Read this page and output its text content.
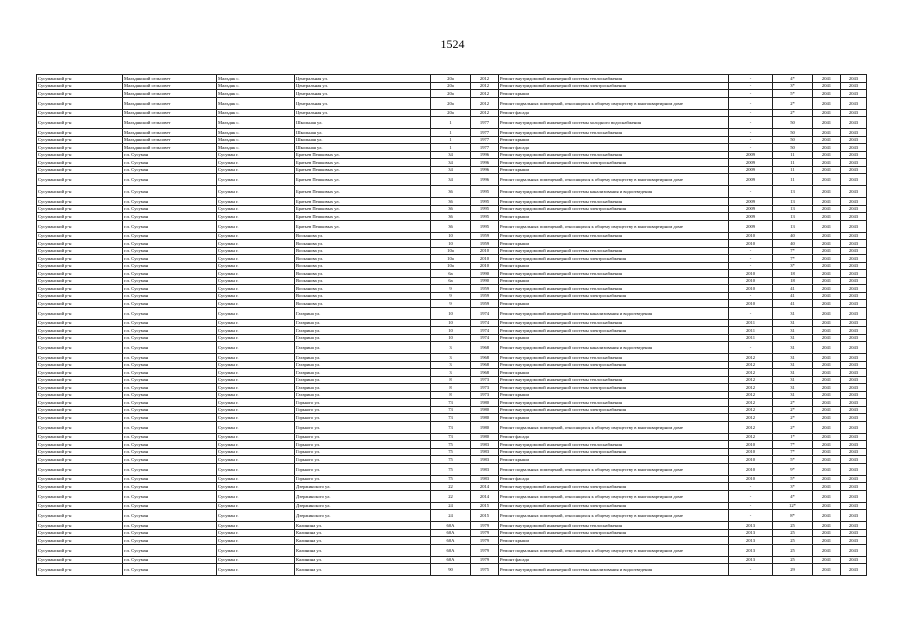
1524
Сусуманский р-н	Мальдякский сельсовет	Мальдяк с.	Центральная ул.	20а	2012	Ремонт внутридомовой инженерной системы теплоснабжения	-	4*	2041	2043
Сусуманский р-н	Мальдякский сельсовет	Мальдяк с.	Центральная ул.	20а	2012	Ремонт внутридомовой инженерной системы электроснабжения	-	3*	2041	2043
Сусуманский р-н	Мальдякский сельсовет	Мальдяк с.	Центральная ул.	20а	2012	Ремонт крыши	-	5*	2041	2043
Сусуманский р-н	Мальдякский сельсовет	Мальдяк с.	Центральная ул.	20а	2012	Ремонт подвальных помещений, относящихся к общему имуществу в многоквартирном доме	-	2*	2041	2043
Сусуманский р-н	Мальдякский сельсовет	Мальдяк с.	Центральная ул.	20а	2012	Ремонт фасада	-	2*	2041	2043
Сусуманский р-н	Мальдякский сельсовет	Мальдяк с.	Школьная ул.	1	1977	Ремонт внутридомовой инженерной системы холодного водоснабжения	-	50	2041	2043
Сусуманский р-н	Мальдякский сельсовет	Мальдяк с.	Школьная ул.	1	1977	Ремонт внутридомовой инженерной системы теплоснабжения	-	50	2041	2043
Сусуманский р-н	Мальдякский сельсовет	Мальдяк с.	Школьная ул.	1	1977	Ремонт крыши	-	50	2041	2043
Сусуманский р-н	Мальдякский сельсовет	Мальдяк с.	Школьная ул.	1	1977	Ремонт фасада	-	50	2041	2043
Сусуманский р-н	г.п. Сусуман	Сусуман г.	Братьев Пешковых ул.	34	1996	Ремонт внутридомовой инженерной системы теплоснабжения	2009	11	2041	2043
Сусуманский р-н	г.п. Сусуман	Сусуман г.	Братьев Пешковых ул.	34	1996	Ремонт внутридомовой инженерной системы электроснабжения	2009	11	2041	2043
Сусуманский р-н	г.п. Сусуман	Сусуман г.	Братьев Пешковых ул.	34	1996	Ремонт крыши	2009	11	2041	2043
Сусуманский р-н	г.п. Сусуман	Сусуман г.	Братьев Пешковых ул.	34	1996	Ремонт подвальных помещений, относящихся к общему имуществу в многоквартирном доме	2009	11	2041	2043
Сусуманский р-н	г.п. Сусуман	Сусуман г.	Братьев Пешковых ул.	36	1995	Ремонт внутридомовой инженерной системы канализования и водоотведения	-	13	2041	2043
Сусуманский р-н	г.п. Сусуман	Сусуман г.	Братьев Пешковых ул.	36	1995	Ремонт внутридомовой инженерной системы теплоснабжения	2009	13	2041	2043
Сусуманский р-н	г.п. Сусуман	Сусуман г.	Братьев Пешковых ул.	36	1995	Ремонт внутридомовой инженерной системы электроснабжения	2009	13	2041	2043
Сусуманский р-н	г.п. Сусуман	Сусуман г.	Братьев Пешковых ул.	36	1995	Ремонт крыши	2009	13	2041	2043
Сусуманский р-н	г.п. Сусуман	Сусуман г.	Братьев Пешковых ул.	36	1995	Ремонт подвальных помещений, относящихся к общему имуществу в многоквартирном доме	2009	13	2041	2043
Сусуманский р-н	г.п. Сусуман	Сусуман г.	Восканова ул.	10	1959	Ремонт внутридомовой инженерной системы теплоснабжения	2010	40	2041	2043
Сусуманский р-н	г.п. Сусуман	Сусуман г.	Восканова ул.	10	1959	Ремонт крыши	2010	40	2041	2043
Сусуманский р-н	г.п. Сусуман	Сусуман г.	Восканова ул.	10а	2010	Ремонт внутридомовой инженерной системы теплоснабжения	-	7*	2041	2043
Сусуманский р-н	г.п. Сусуман	Сусуман г.	Восканова ул.	10а	2010	Ремонт внутридомовой инженерной системы электроснабжения	-	7*	2041	2043
Сусуманский р-н	г.п. Сусуман	Сусуман г.	Восканова ул.	10а	2010	Ремонт крыши	-	3*	2041	2043
Сусуманский р-н	г.п. Сусуман	Сусуман г.	Восканова ул.	6а	1990	Ремонт внутридомовой инженерной системы теплоснабжения	2010	18	2041	2043
Сусуманский р-н	г.п. Сусуман	Сусуман г.	Восканова ул.	6а	1990	Ремонт крыши	2010	18	2041	2043
Сусуманский р-н	г.п. Сусуман	Сусуман г.	Восканова ул.	9	1959	Ремонт внутридомовой инженерной системы теплоснабжения	2010	41	2041	2043
Сусуманский р-н	г.п. Сусуман	Сусуман г.	Восканова ул.	9	1959	Ремонт внутридомовой инженерной системы электроснабжения	-	41	2041	2043
Сусуманский р-н	г.п. Сусуман	Сусуман г.	Восканова ул.	9	1959	Ремонт крыши	2010	41	2041	2043
Сусуманский р-н	г.п. Сусуман	Сусуман г.	Гагарина ул.	10	1974	Ремонт внутридомовой инженерной системы канализования и водоотведения	-	31	2041	2043
Сусуманский р-н	г.п. Сусуман	Сусуман г.	Гагарина ул.	10	1974	Ремонт внутридомовой инженерной системы теплоснабжения	2011	31	2041	2043
Сусуманский р-н	г.п. Сусуман	Сусуман г.	Гагарина ул.	10	1974	Ремонт внутридомовой инженерной системы электроснабжения	2011	31	2041	2043
Сусуманский р-н	г.п. Сусуман	Сусуман г.	Гагарина ул.	10	1974	Ремонт крыши	2011	31	2041	2043
Сусуманский р-н	г.п. Сусуман	Сусуман г.	Гагарина ул.	3	1968	Ремонт внутридомовой инженерной системы канализования и водоотведения	-	31	2041	2043
Сусуманский р-н	г.п. Сусуман	Сусуман г.	Гагарина ул.	3	1968	Ремонт внутридомовой инженерной системы теплоснабжения	2012	31	2041	2043
Сусуманский р-н	г.п. Сусуман	Сусуман г.	Гагарина ул.	3	1968	Ремонт внутридомовой инженерной системы электроснабжения	2012	31	2041	2043
Сусуманский р-н	г.п. Сусуман	Сусуман г.	Гагарина ул.	3	1968	Ремонт крыши	2012	31	2041	2043
Сусуманский р-н	г.п. Сусуман	Сусуман г.	Гагарина ул.	8	1973	Ремонт внутридомовой инженерной системы теплоснабжения	2012	31	2041	2043
Сусуманский р-н	г.п. Сусуман	Сусуман г.	Гагарина ул.	8	1973	Ремонт внутридомовой инженерной системы электроснабжения	2012	31	2041	2043
Сусуманский р-н	г.п. Сусуман	Сусуман г.	Гагарина ул.	8	1973	Ремонт крыши	2012	31	2041	2043
Сусуманский р-н	г.п. Сусуман	Сусуман г.	Горького ул.	73	1980	Ремонт внутридомовой инженерной системы теплоснабжения	2012	2*	2041	2043
Сусуманский р-н	г.п. Сусуман	Сусуман г.	Горького ул.	73	1980	Ремонт внутридомовой инженерной системы электроснабжения	2012	2*	2041	2043
Сусуманский р-н	г.п. Сусуман	Сусуман г.	Горького ул.	73	1980	Ремонт крыши	2012	2*	2041	2043
Сусуманский р-н	г.п. Сусуман	Сусуман г.	Горького ул.	73	1980	Ремонт подвальных помещений, относящихся к общему имуществу в многоквартирном доме	2012	2*	2041	2043
Сусуманский р-н	г.п. Сусуман	Сусуман г.	Горького ул.	73	1980	Ремонт фасада	2012	1*	2041	2043
Сусуманский р-н	г.п. Сусуман	Сусуман г.	Горького ул.	75	1983	Ремонт внутридомовой инженерной системы теплоснабжения	2010	7*	2041	2043
Сусуманский р-н	г.п. Сусуман	Сусуман г.	Горького ул.	75	1983	Ремонт внутридомовой инженерной системы электроснабжения	2010	7*	2041	2043
Сусуманский р-н	г.п. Сусуман	Сусуман г.	Горького ул.	75	1983	Ремонт крыши	2010	5*	2041	2043
Сусуманский р-н	г.п. Сусуман	Сусуман г.	Горького ул.	75	1983	Ремонт подвальных помещений, относящихся к общему имуществу в многоквартирном доме	2010	9*	2041	2043
Сусуманский р-н	г.п. Сусуман	Сусуман г.	Горького ул.	75	1983	Ремонт фасада	2010	5*	2041	2043
Сусуманский р-н	г.п. Сусуман	Сусуман г.	Дзержинского ул.	22	2014	Ремонт внутридомовой инженерной системы электроснабжения	-	3*	2041	2043
Сусуманский р-н	г.п. Сусуман	Сусуман г.	Дзержинского ул.	22	2014	Ремонт подвальных помещений, относящихся к общему имуществу в многоквартирном доме	-	4*	2041	2043
Сусуманский р-н	г.п. Сусуман	Сусуман г.	Дзержинского ул.	24	2015	Ремонт внутридомовой инженерной системы электроснабжения	-	12*	2041	2043
Сусуманский р-н	г.п. Сусуман	Сусуман г.	Дзержинского ул.	24	2015	Ремонт подвальных помещений, относящихся к общему имуществу в многоквартирном доме	-	8*	2041	2043
Сусуманский р-н	г.п. Сусуман	Сусуман г.	Калинина ул.	60А	1979	Ремонт внутридомовой инженерной системы теплоснабжения	2013	25	2041	2043
Сусуманский р-н	г.п. Сусуман	Сусуман г.	Калинина ул.	60А	1979	Ремонт внутридомовой инженерной системы электроснабжения	2013	25	2041	2043
Сусуманский р-н	г.п. Сусуман	Сусуман г.	Калинина ул.	60А	1979	Ремонт крыши	2013	25	2041	2043
Сусуманский р-н	г.п. Сусуман	Сусуман г.	Калинина ул.	60А	1979	Ремонт подвальных помещений, относящихся к общему имуществу в многоквартирном доме	2013	25	2041	2043
Сусуманский р-н	г.п. Сусуман	Сусуман г.	Калинина ул.	60А	1979	Ремонт фасада	2013	25	2041	2043
Сусуманский р-н	г.п. Сусуман	Сусуман г.	Калинина ул.	90	1975	Ремонт внутридомовой инженерной системы канализования и водоотведения	-	29	2041	2043
